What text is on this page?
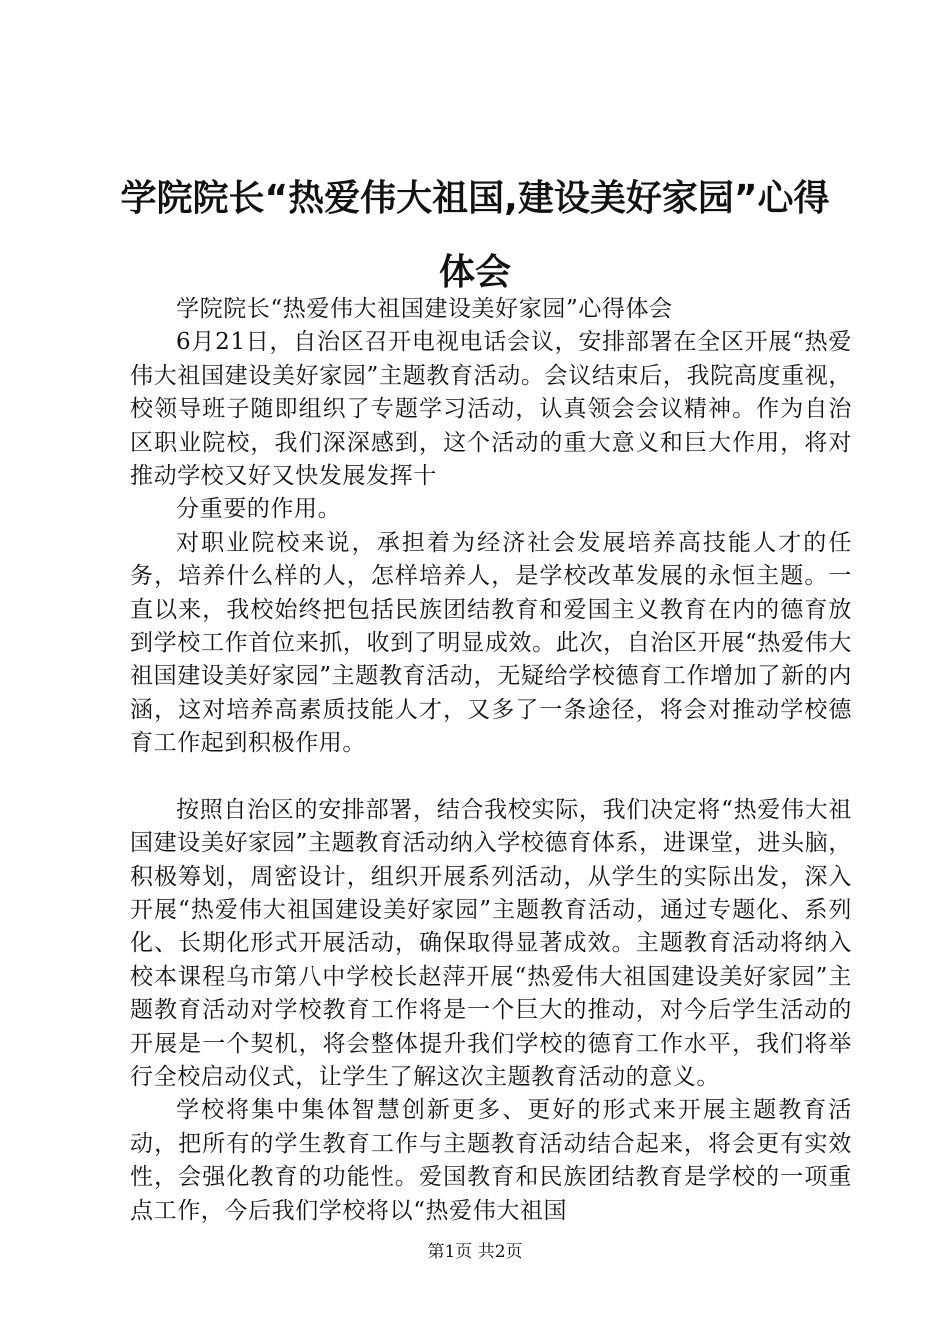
学院院长“热爱伟大祖国,建设美好家园”心得体会

学院院长“热爱伟大祖国建设美好家园”心得体会

6月21日，自治区召开电视电话会议，安排部署在全区开展“热爱伟大祖国建设美好家园”主题教育活动。会议结束后，我院高度重视，校领导班子随即组织了专题学习活动，认真领会会议精神。作为自治区职业院校，我们深深感到，这个活动的重大意义和巨大作用，将对推动学校又好又快发展发挥十

分重要的作用。

对职业院校来说，承担着为经济社会发展培养高技能人才的任务，培养什么样的人，怎样培养人，是学校改革发展的永恒主题。一直以来，我校始终把包括民族团结教育和爱国主义教育在内的德育放到学校工作首位来抓，收到了明显成效。此次，自治区开展“热爱伟大祖国建设美好家园”主题教育活动，无疑给学校德育工作增加了新的内涵，这对培养高素质技能人才，又多了一条途径，将会对推动学校德育工作起到积极作用。

按照自治区的安排部署，结合我校实际，我们决定将“热爱伟大祖国建设美好家园”主题教育活动纳入学校德育体系，进课堂，进头脑，积极筹划，周密设计，组织开展系列活动，从学生的实际出发，深入开展“热爱伟大祖国建设美好家园”主题教育活动，通过专题化、系列化、长期化形式开展活动，确保取得显著成效。主题教育活动将纳入校本课程乌市第八中学校长赵萍开展“热爱伟大祖国建设美好家园”主题教育活动对学校教育工作将是一个巨大的推动，对今后学生活动的开展是一个契机，将会整体提升我们学校的德育工作水平，我们将举行全校启动仪式，让学生了解这次主题教育活动的意义。

学校将集中集体智慧创新更多、更好的形式来开展主题教育活动，把所有的学生教育工作与主题教育活动结合起来，将会更有实效性，会强化教育的功能性。爱国教育和民族团结教育是学校的一项重点工作，今后我们学校将以“热爱伟大祖国

第1页 共2页
